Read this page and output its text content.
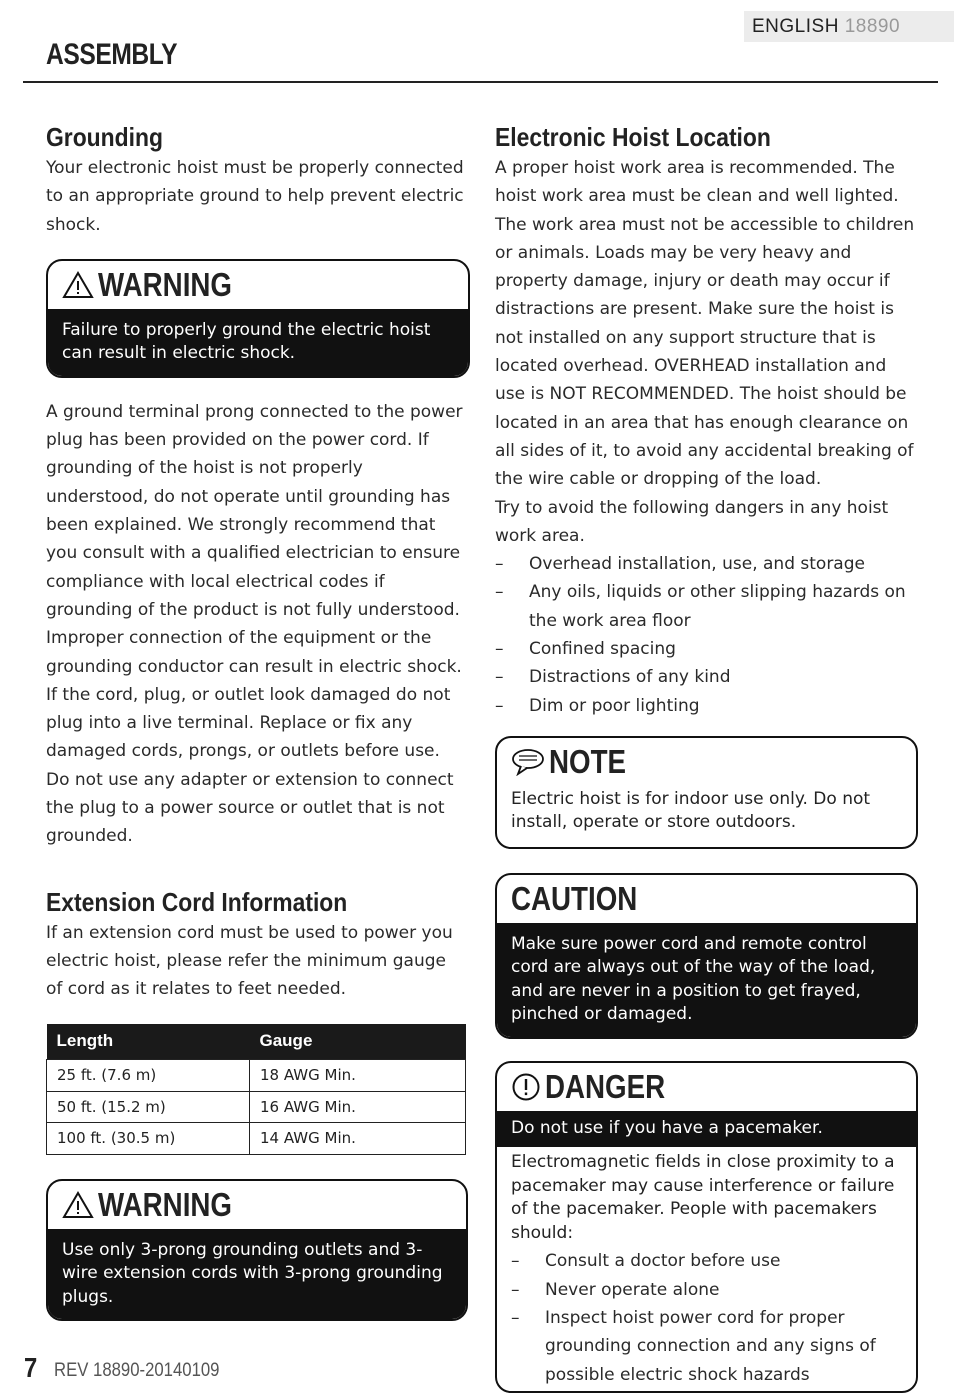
ENGLISH 18890
ASSEMBLY
Grounding

Your electronic hoist must be properly connected to an appropriate ground to help prevent electric shock.

WARNING
Failure to properly ground the electric hoist can result in electric shock.

A ground terminal prong connected to the power plug has been provided on the power cord. If grounding of the hoist is not properly understood, do not operate until grounding has been explained. We strongly recommend that you consult with a qualified electrician to ensure compliance with local electrical codes if grounding of the product is not fully understood. Improper connection of the equipment or the grounding conductor can result in electric shock. If the cord, plug, or outlet look damaged do not plug into a live terminal. Replace or fix any damaged cords, prongs, or outlets before use. Do not use any adapter or extension to connect the plug to a power source or outlet that is not grounded.

Extension Cord Information

If an extension cord must be used to power you electric hoist, please refer the minimum gauge of cord as it relates to feet needed.

Length	Gauge
25 ft. (7.6 m)	18 AWG Min.
50 ft. (15.2 m)	16 AWG Min.
100 ft. (30.5 m)	14 AWG Min.
WARNING
Use only 3-prong grounding outlets and 3-wire extension cords with 3-prong grounding plugs.
Electronic Hoist Location

A proper hoist work area is recommended. The hoist work area must be clean and well lighted. The work area must not be accessible to children or animals. Loads may be very heavy and property damage, injury or death may occur if distractions are present. Make sure the hoist is not installed on any support structure that is located overhead. OVERHEAD installation and use is NOT RECOMMENDED. The hoist should be located in an area that has enough clearance on all sides of it, to avoid any accidental breaking of the wire cable or dropping of the load.

Try to avoid the following dangers in any hoist work area.

– Overhead installation, use, and storage
– Any oils, liquids or other slipping hazards on the work area floor
– Confined spacing
– Distractions of any kind
– Dim or poor lighting
NOTE
Electric hoist is for indoor use only. Do not install, operate or store outdoors.
CAUTION
Make sure power cord and remote control cord are always out of the way of the load, and are never in a position to get frayed, pinched or damaged.
DANGER
Do not use if you have a pacemaker.
Electromagnetic fields in close proximity to a pacemaker may cause interference or failure of the pacemaker. People with pacemakers should:
– Consult a doctor before use
– Never operate alone
– Inspect hoist power cord for proper grounding connection and any signs of possible electric shock hazards
7 REV 18890-20140109
